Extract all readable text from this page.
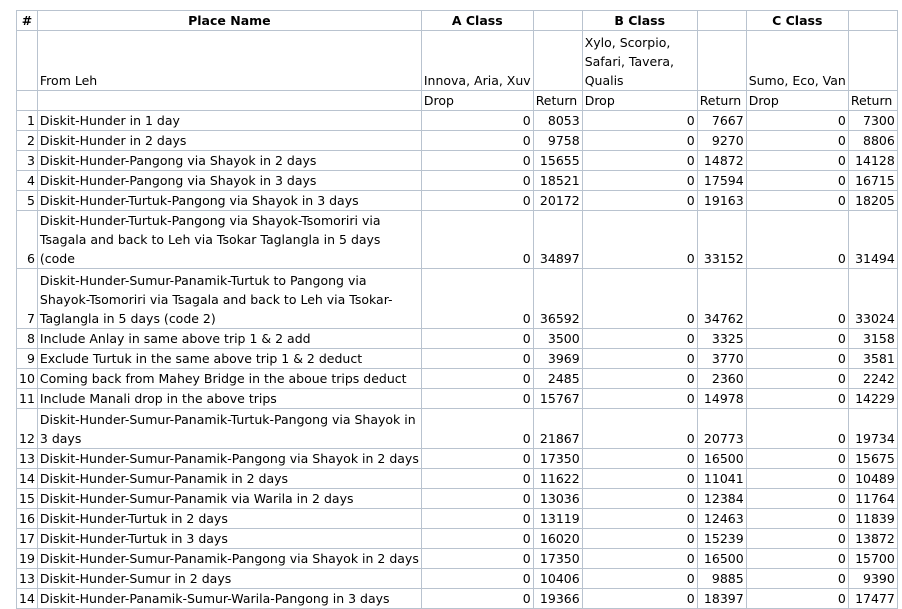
#	Place Name	A Class		B Class		C Class	
	From Leh	Innova, Aria, Xuv		Xylo, Scorpio, Safari, Tavera, Qualis		Sumo, Eco, Van	
		Drop	Return	Drop	Return	Drop	Return
1	Diskit-Hunder in 1 day	0	8053	0	7667	0	7300
2	Diskit-Hunder in 2 days	0	9758	0	9270	0	8806
3	Diskit-Hunder-Pangong via Shayok in 2 days	0	15655	0	14872	0	14128
4	Diskit-Hunder-Pangong via Shayok in 3 days	0	18521	0	17594	0	16715
5	Diskit-Hunder-Turtuk-Pangong via Shayok in 3 days	0	20172	0	19163	0	18205
6	Diskit-Hunder-Turtuk-Pangong via Shayok-Tsomoriri via Tsagala and back to Leh via Tsokar Taglangla in 5 days (code	0	34897	0	33152	0	31494
7	Diskit-Hunder-Sumur-Panamik-Turtuk to Pangong via Shayok-Tsomoriri via Tsagala and back to Leh via Tsokar-Taglangla in 5 days (code 2)	0	36592	0	34762	0	33024
8	Include Anlay in same above trip 1 & 2 add	0	3500	0	3325	0	3158
9	Exclude Turtuk in the same above trip 1 & 2 deduct	0	3969	0	3770	0	3581
10	Coming back from Mahey Bridge in the aboue trips deduct	0	2485	0	2360	0	2242
11	Include Manali drop in the above trips	0	15767	0	14978	0	14229
12	Diskit-Hunder-Sumur-Panamik-Turtuk-Pangong via Shayok in 3 days	0	21867	0	20773	0	19734
13	Diskit-Hunder-Sumur-Panamik-Pangong via Shayok in 2 days	0	17350	0	16500	0	15675
14	Diskit-Hunder-Sumur-Panamik in 2 days	0	11622	0	11041	0	10489
15	Diskit-Hunder-Sumur-Panamik via Warila in 2 days	0	13036	0	12384	0	11764
16	Diskit-Hunder-Turtuk in 2 days	0	13119	0	12463	0	11839
17	Diskit-Hunder-Turtuk in 3 days	0	16020	0	15239	0	13872
19	Diskit-Hunder-Sumur-Panamik-Pangong via Shayok in 2 days	0	17350	0	16500	0	15700
13	Diskit-Hunder-Sumur in 2 days	0	10406	0	9885	0	9390
14	Diskit-Hunder-Panamik-Sumur-Warila-Pangong in 3 days	0	19366	0	18397	0	17477
